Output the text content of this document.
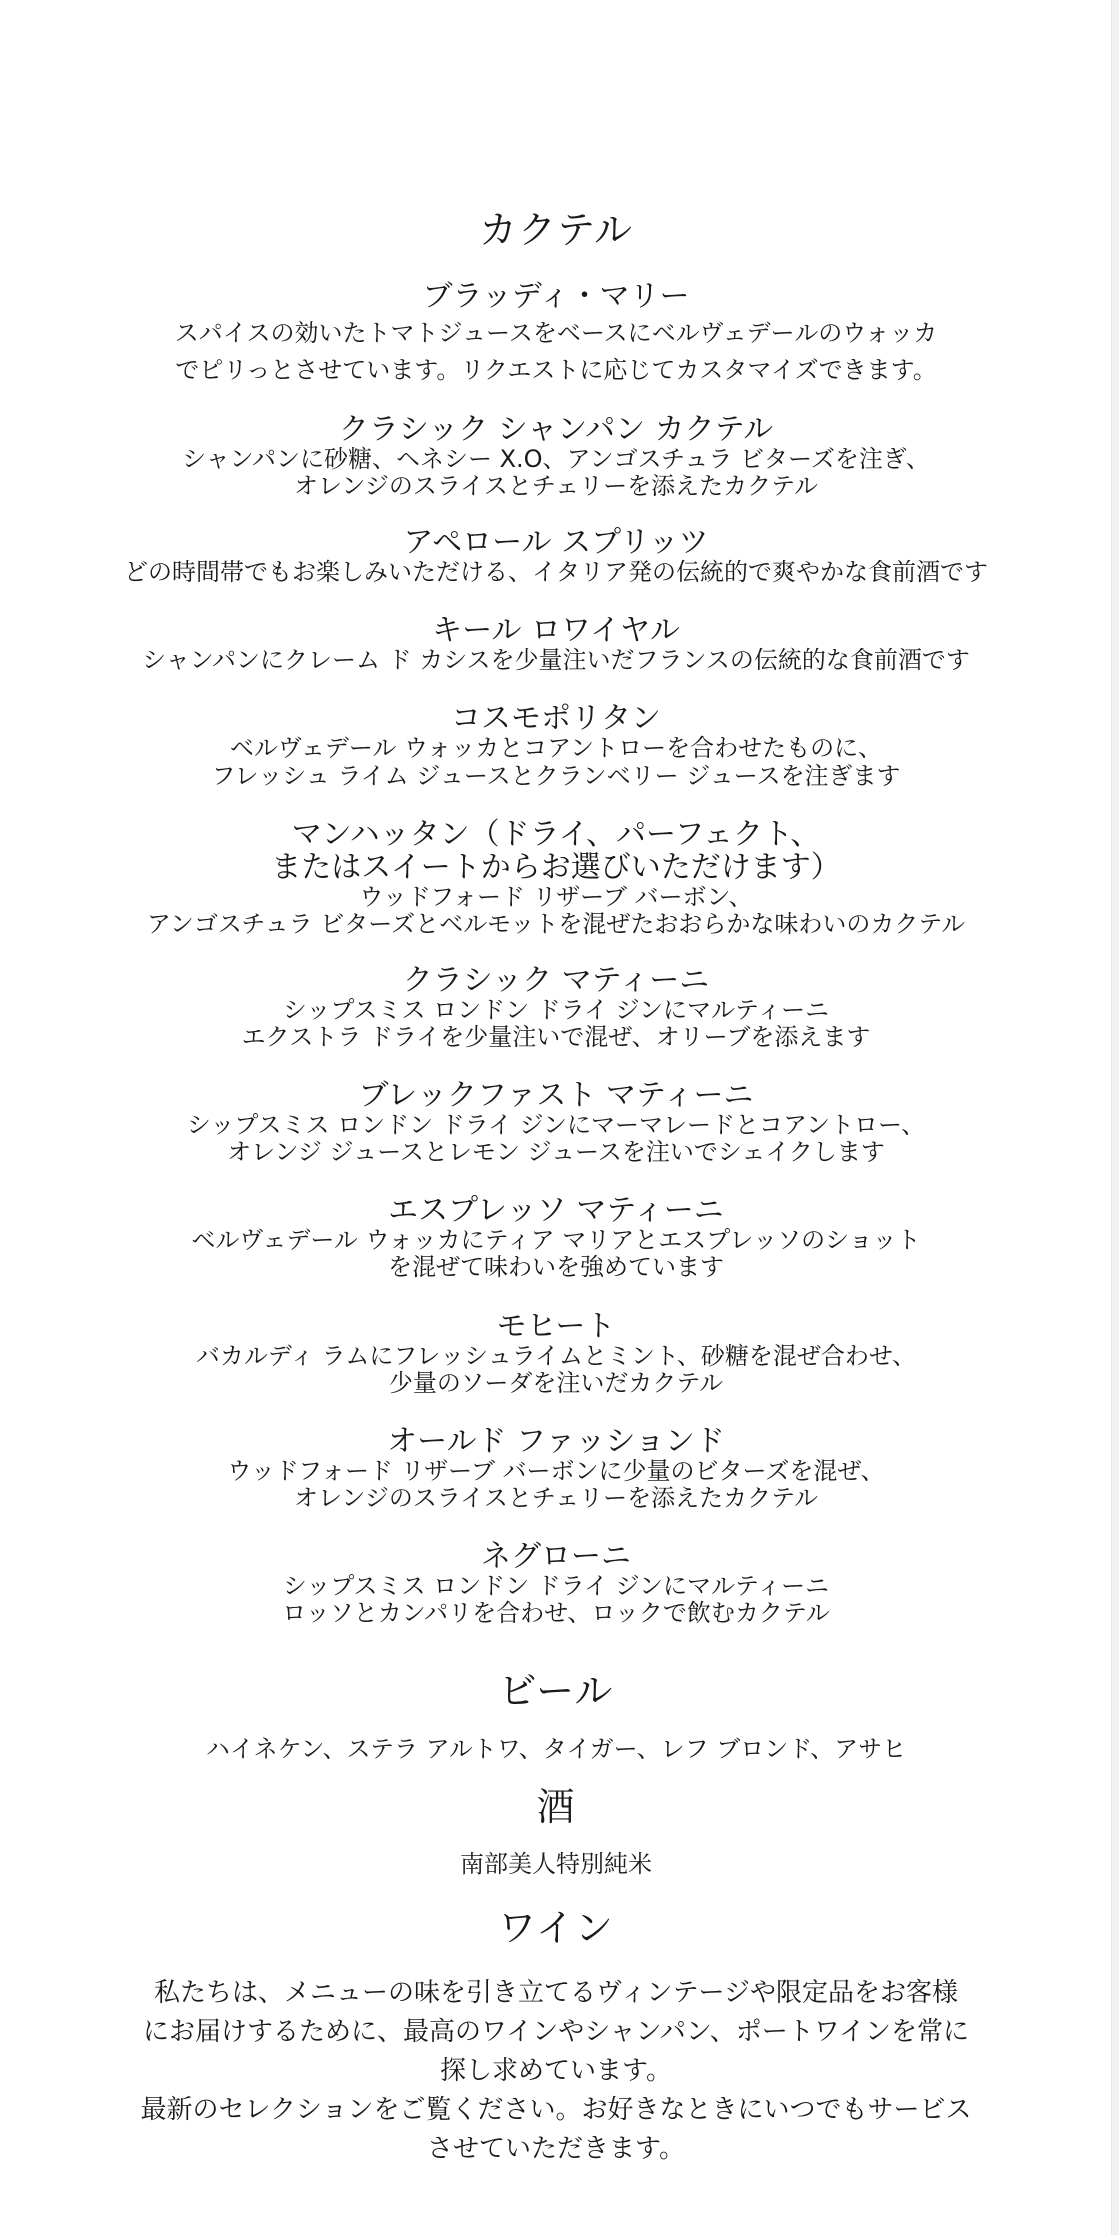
カクテル
ブラッディ・マリー
スパイスの効いたトマトジュースをベースにベルヴェデールのウォッカ
でピリっとさせています。リクエストに応じてカスタマイズできます。
クラシック シャンパン カクテル
シャンパンに砂糖、ヘネシー X.O、アンゴスチュラ ビターズを注ぎ、
オレンジのスライスとチェリーを添えたカクテル
アペロール スプリッツ
どの時間帯でもお楽しみいただける、イタリア発の伝統的で爽やかな食前酒です
キール ロワイヤル
シャンパンにクレーム ド カシスを少量注いだフランスの伝統的な食前酒です
コスモポリタン
ベルヴェデール ウォッカとコアントローを合わせたものに、
フレッシュ ライム ジュースとクランベリー ジュースを注ぎます
マンハッタン（ドライ、パーフェクト、
またはスイートからお選びいただけます）
ウッドフォード リザーブ バーボン、
アンゴスチュラ ビターズとベルモットを混ぜたおおらかな味わいのカクテル
クラシック マティーニ
シップスミス ロンドン ドライ ジンにマルティーニ
エクストラ ドライを少量注いで混ぜ、オリーブを添えます
ブレックファスト マティーニ
シップスミス ロンドン ドライ ジンにマーマレードとコアントロー、
オレンジ ジュースとレモン ジュースを注いでシェイクします
エスプレッソ マティーニ
ベルヴェデール ウォッカにティア マリアとエスプレッソのショット
を混ぜて味わいを強めています
モヒート
バカルディ ラムにフレッシュライムとミント、砂糖を混ぜ合わせ、
少量のソーダを注いだカクテル
オールド ファッションド
ウッドフォード リザーブ バーボンに少量のビターズを混ぜ、
オレンジのスライスとチェリーを添えたカクテル
ネグローニ
シップスミス ロンドン ドライ ジンにマルティーニ
ロッソとカンパリを合わせ、ロックで飲むカクテル
ビール
ハイネケン、ステラ アルトワ、タイガー、レフ ブロンド、アサヒ
酒
南部美人特別純米
ワイン
私たちは、メニューの味を引き立てるヴィンテージや限定品をお客様
にお届けするために、最高のワインやシャンパン、ポートワインを常に
探し求めています。
最新のセレクションをご覧ください。お好きなときにいつでもサービス
させていただきます。
